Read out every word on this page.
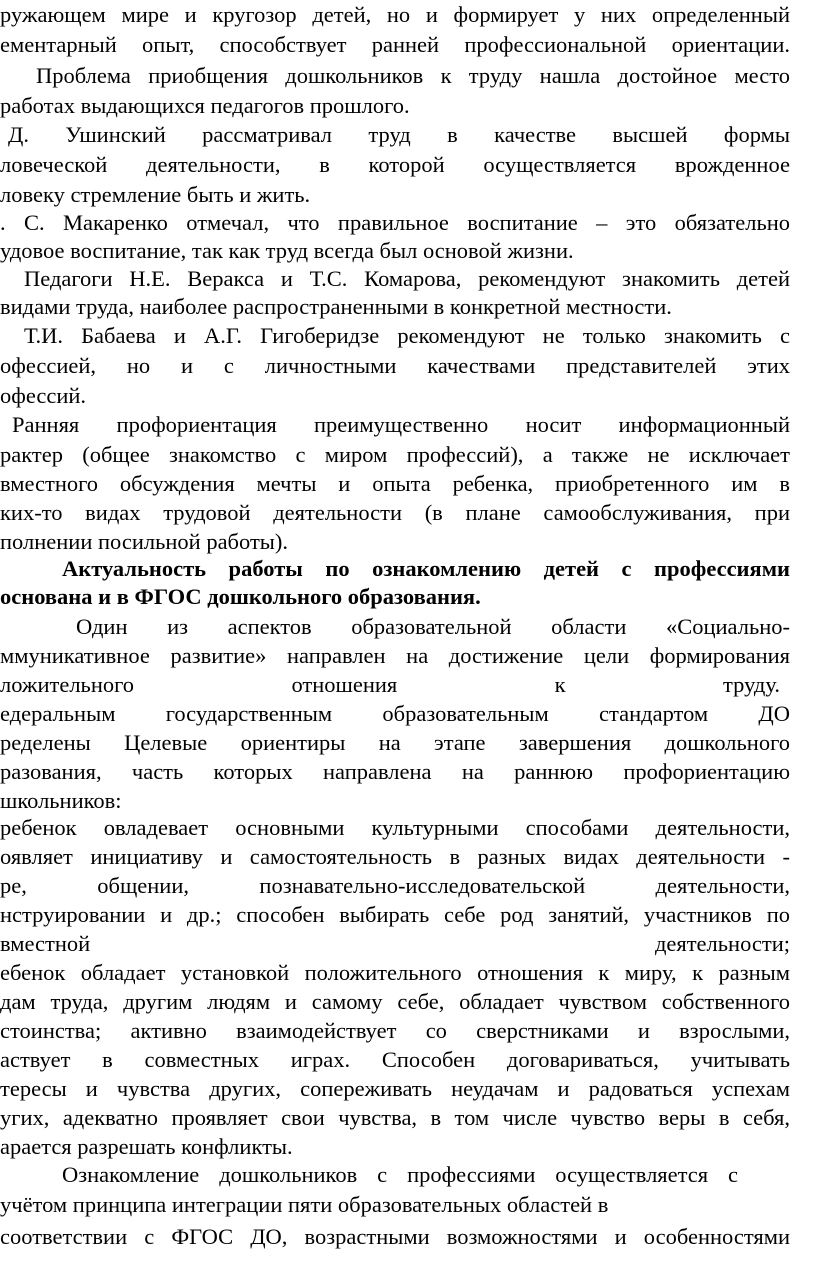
ружающем мире и кругозор детей, но и формирует у них определенный
ементарный опыт, способствует ранней профессиональной ориентации.
Проблема приобщения дошкольников к труду нашла достойное место
работах выдающихся педагогов прошлого.
Д. Ушинский рассматривал труд в качестве высшей формы
ловеческой деятельности, в которой осуществляется врожденное
ловеку стремление быть и жить.
. С. Макаренко отмечал, что правильное воспитание – это обязательно
удовое воспитание, так как труд всегда был основой жизни.
Педагоги Н.Е. Веракса и Т.С. Комарова, рекомендуют знакомить детей
видами труда, наиболее распространенными в конкретной местности.
Т.И. Бабаева и А.Г. Гигоберидзе рекомендуют не только знакомить с
офессией, но и с личностными качествами представителей этих
офессий.
Ранняя профориентация преимущественно носит информационный
рактер (общее знакомство с миром профессий), а также не исключает
вместного обсуждения мечты и опыта ребенка, приобретенного им в
ких-то видах трудовой деятельности (в плане самообслуживания, при
полнении посильной работы).
Актуальность работы по ознакомлению детей с профессиями
основана и в ФГОС дошкольного образования.
Один из аспектов образовательной области «Социально-
ммуникативное развитие» направлен на достижение цели формирования
ложительного отношения к труду.
едеральным государственным образовательным стандартом ДО
ределены Целевые ориентиры на этапе завершения дошкольного
разования, часть которых направлена на раннюю профориентацию
школьников:
ребенок овладевает основными культурными способами деятельности,
оявляет инициативу и самостоятельность в разных видах деятельности -
ре, общении, познавательно-исследовательской деятельности,
нструировании и др.; способен выбирать себе род занятий, участников по
вместной деятельности;
ебенок обладает установкой положительного отношения к миру, к разным
дам труда, другим людям и самому себе, обладает чувством собственного
стоинства; активно взаимодействует со сверстниками и взрослыми,
аствует в совместных играх. Способен договариваться, учитывать
тересы и чувства других, сопереживать неудачам и радоваться успехам
угих, адекватно проявляет свои чувства, в том числе чувство веры в себя,
арается разрешать конфликты.
Ознакомление дошкольников с профессиями осуществляется с
учётом принципа интеграции пяти образовательных областей в
соответствии с ФГОС ДО, возрастными возможностями и особенностями
